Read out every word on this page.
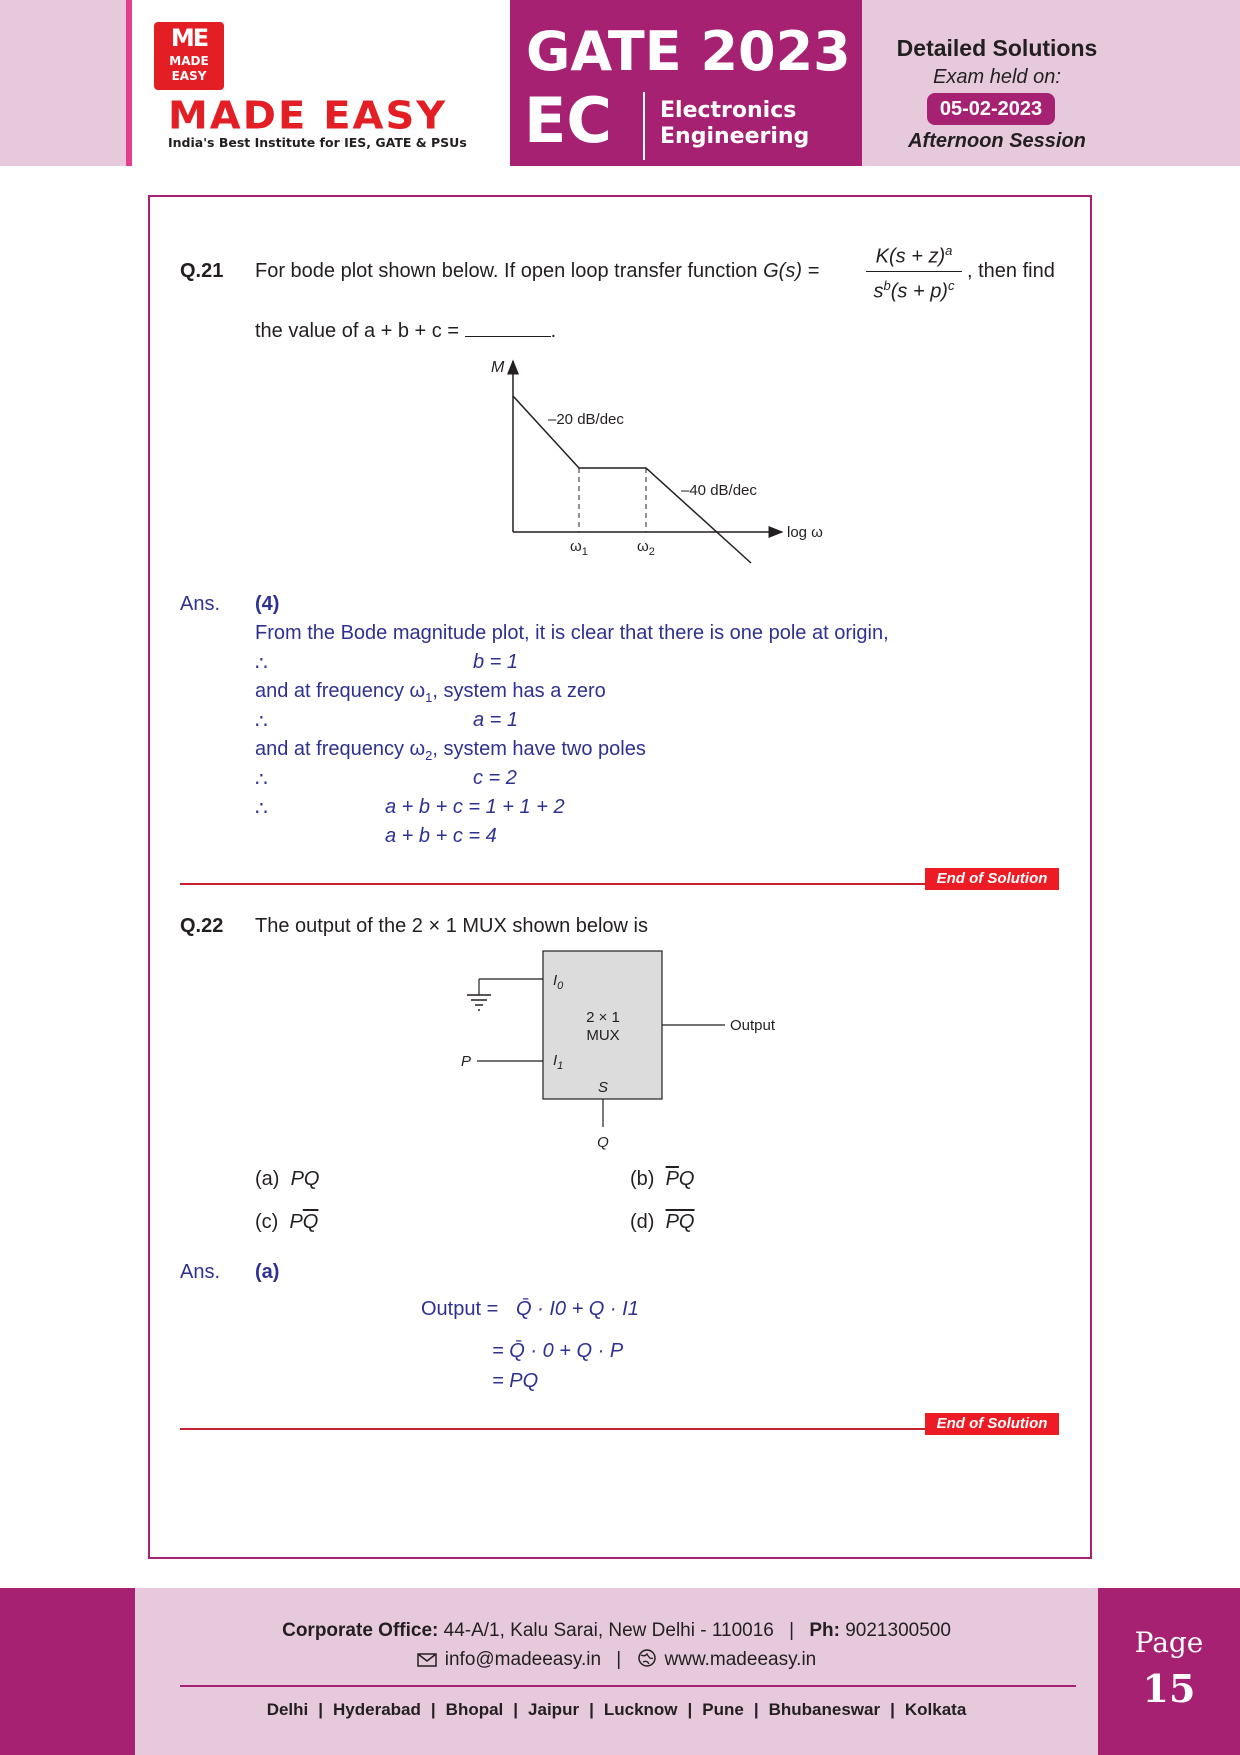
ME
MADE EASY
MADE EASY
India's Best Institute for IES, GATE & PSUs
GATE 2023
EC Electronics
Engineering
Detailed Solutions
Exam held on:
05-02-2023
Afternoon Session
Q.21 For bode plot shown below. If open loop transfer function G(s) =
$K(s + z)^a$
$s^b(s + p)^c$
, then find
the value of a + b + c =	.
M
–20 dB/dec
–40 dB/dec
log ω
$\omega_1$	$\omega_2$
Ans. (4)
From the Bode magnitude plot, it is clear that there is one pole at origin,
∴	b = 1
and at frequency $\omega_1$, system has a zero
∴	a = 1
and at frequency $\omega_2$, system have two poles
∴	c = 2
∴	a + b + c = 1 + 1 + 2
a + b + c = 4
End of Solution
Q.22 The output of the 2 × 1 MUX shown below is
2 × 1
MUX
$I_0$
P	$I_1$
S
Q
Output
(a) PQ	(b) $\overline{P}Q$
(c) $P\overline{Q}$	(d) $\overline{P}\overline{Q}$
Ans. (a)
Output = Q̄ · I0 + Q · I1
= Q̄ · 0 + Q · P
= PQ
End of Solution
Corporate Office: 44-A/1, Kalu Sarai, New Delhi - 110016 | Ph: 9021300500
info@madeeasy.in | www.madeeasy.in
Delhi | Hyderabad | Bhopal | Jaipur | Lucknow | Pune | Bhubaneswar | Kolkata
Page
15
